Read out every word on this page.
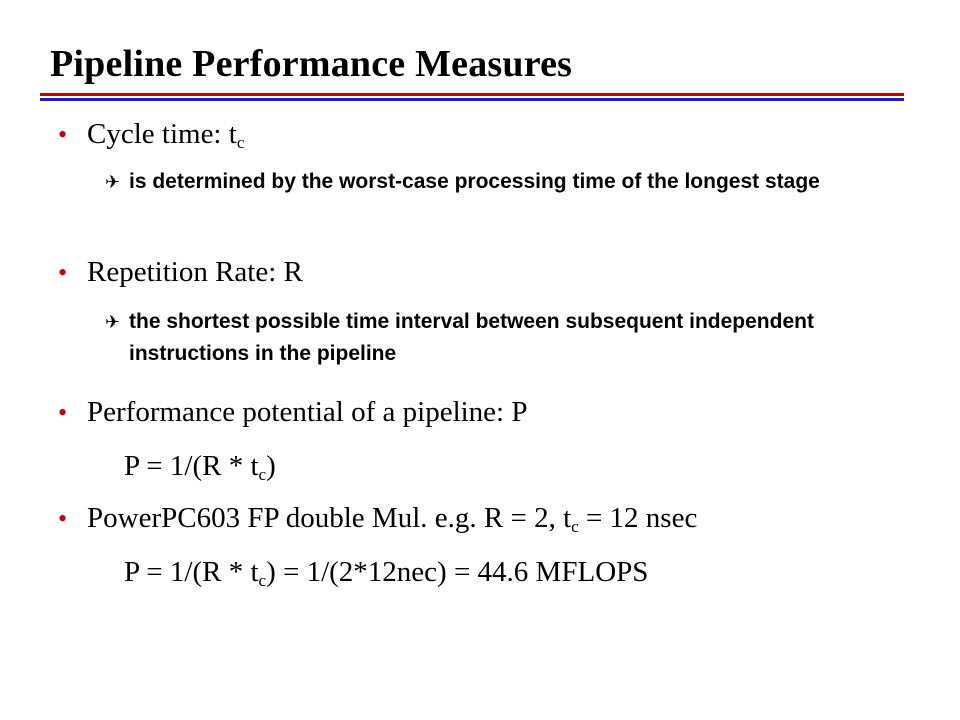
Pipeline Performance Measures
• Cycle time: $t_c$
✈ is determined by the worst-case processing time of the longest stage
• Repetition Rate: R
✈ the shortest possible time interval between subsequent independent instructions in the pipeline
• Performance potential of a pipeline: P
$P = 1/(R * t_c)$
• PowerPC603 FP double Mul. e.g. R = 2, $t_c = 12$ nsec
$P = 1/(R * t_c) = 1/(2*12nec) = 44.6$ MFLOPS
